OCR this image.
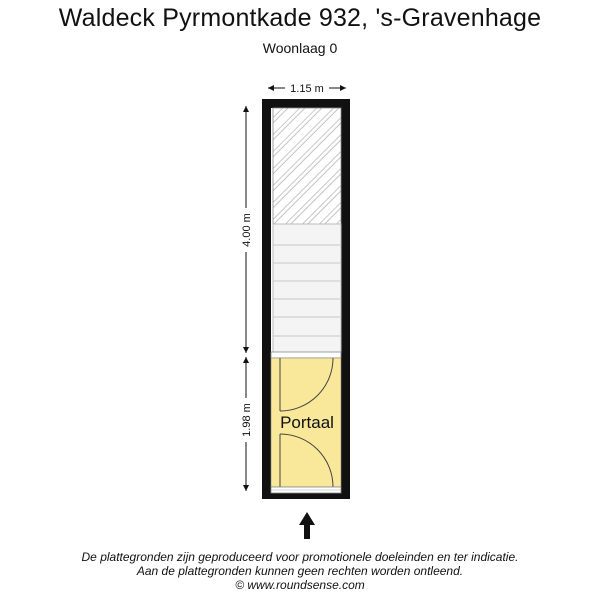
Waldeck Pyrmontkade 932, 's-Gravenhage
Woonlaag 0
Portaal
1.15 m
4.00 m
1.98 m
De plattegronden zijn geproduceerd voor promotionele doeleinden en ter indicatie.
Aan de plattegronden kunnen geen rechten worden ontleend.
© www.roundsense.com
